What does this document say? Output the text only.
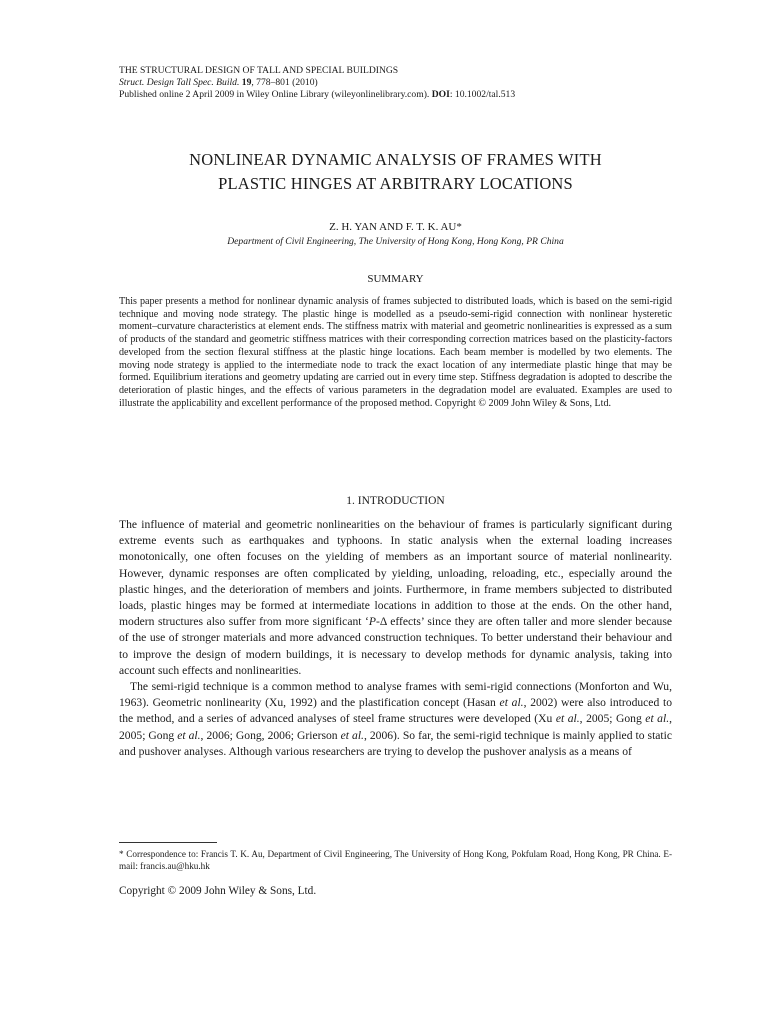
THE STRUCTURAL DESIGN OF TALL AND SPECIAL BUILDINGS
Struct. Design Tall Spec. Build. 19, 778–801 (2010)
Published online 2 April 2009 in Wiley Online Library (wileyonlinelibrary.com). DOI: 10.1002/tal.513
NONLINEAR DYNAMIC ANALYSIS OF FRAMES WITH
PLASTIC HINGES AT ARBITRARY LOCATIONS
Z. H. YAN AND F. T. K. AU*
Department of Civil Engineering, The University of Hong Kong, Hong Kong, PR China
SUMMARY
This paper presents a method for nonlinear dynamic analysis of frames subjected to distributed loads, which is based on the semi-rigid technique and moving node strategy. The plastic hinge is modelled as a pseudo-semi-rigid connection with nonlinear hysteretic moment–curvature characteristics at element ends. The stiffness matrix with material and geometric nonlinearities is expressed as a sum of products of the standard and geometric stiffness matrices with their corresponding correction matrices based on the plasticity-factors developed from the section flexural stiffness at the plastic hinge locations. Each beam member is modelled by two elements. The moving node strategy is applied to the intermediate node to track the exact location of any intermediate plastic hinge that may be formed. Equilibrium iterations and geometry updating are carried out in every time step. Stiffness degradation is adopted to describe the deterioration of plastic hinges, and the effects of various parameters in the degradation model are evaluated. Examples are used to illustrate the applicability and excellent performance of the proposed method. Copyright © 2009 John Wiley & Sons, Ltd.
1. INTRODUCTION

The influence of material and geometric nonlinearities on the behaviour of frames is particularly significant during extreme events such as earthquakes and typhoons. In static analysis when the external loading increases monotonically, one often focuses on the yielding of members as an important source of material nonlinearity. However, dynamic responses are often complicated by yielding, unloading, reloading, etc., especially around the plastic hinges, and the deterioration of members and joints. Furthermore, in frame members subjected to distributed loads, plastic hinges may be formed at intermediate locations in addition to those at the ends. On the other hand, modern structures also suffer from more significant ‘P-Δ effects’ since they are often taller and more slender because of the use of stronger materials and more advanced construction techniques. To better understand their behaviour and to improve the design of modern buildings, it is necessary to develop methods for dynamic analysis, taking into account such effects and nonlinearities.

The semi-rigid technique is a common method to analyse frames with semi-rigid connections (Monforton and Wu, 1963). Geometric nonlinearity (Xu, 1992) and the plastification concept (Hasan et al., 2002) were also introduced to the method, and a series of advanced analyses of steel frame structures were developed (Xu et al., 2005; Gong et al., 2005; Gong et al., 2006; Gong, 2006; Grierson et al., 2006). So far, the semi-rigid technique is mainly applied to static and pushover analyses. Although various researchers are trying to develop the pushover analysis as a means of

* Correspondence to: Francis T. K. Au, Department of Civil Engineering, The University of Hong Kong, Pokfulam Road, Hong Kong, PR China. E-mail: francis.au@hku.hk
Copyright © 2009 John Wiley & Sons, Ltd.
